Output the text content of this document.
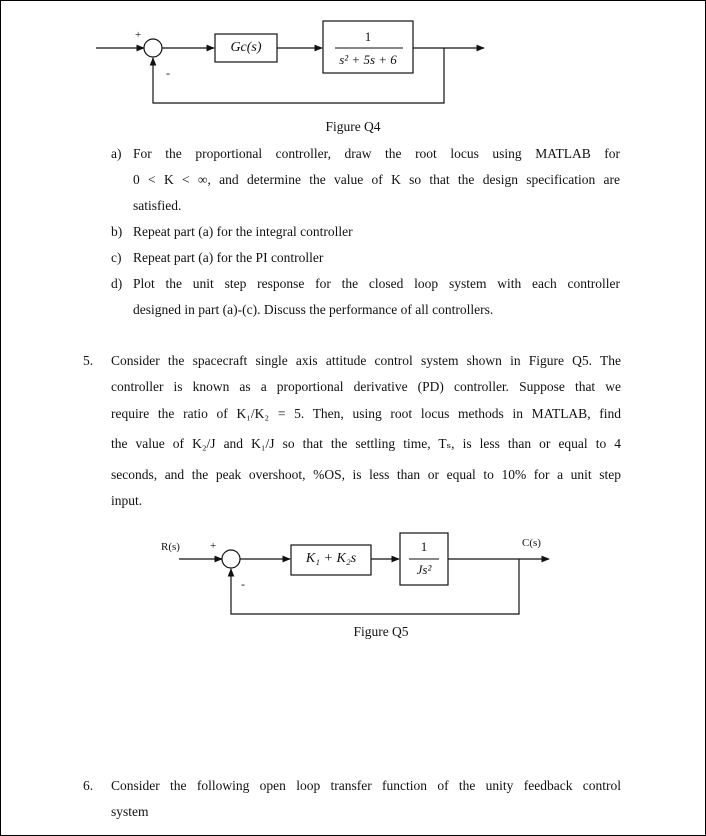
+
-
Gc(s)
1
s² + 5s + 6
Figure Q4
a) For the proportional controller, draw the root locus using MATLAB for
0 < K < ∞, and determine the value of K so that the design specification are
satisfied.
b) Repeat part (a) for the integral controller
c) Repeat part (a) for the PI controller
d) Plot the unit step response for the closed loop system with each controller
designed in part (a)-(c). Discuss the performance of all controllers.
5. Consider the spacecraft single axis attitude control system shown in Figure Q5. The
controller is known as a proportional derivative (PD) controller. Suppose that we
require the ratio of K₁/K₂ = 5. Then, using root locus methods in MATLAB, find
the value of K₂/J and K₁/J so that the settling time, Tₛ, is less than or equal to 4
seconds, and the peak overshoot, %OS, is less than or equal to 10% for a unit step
input.
R(s)	C(s)
+
-
K₁ + K₂s
1
Js²
Figure Q5
6. Consider the following open loop transfer function of the unity feedback control
system
